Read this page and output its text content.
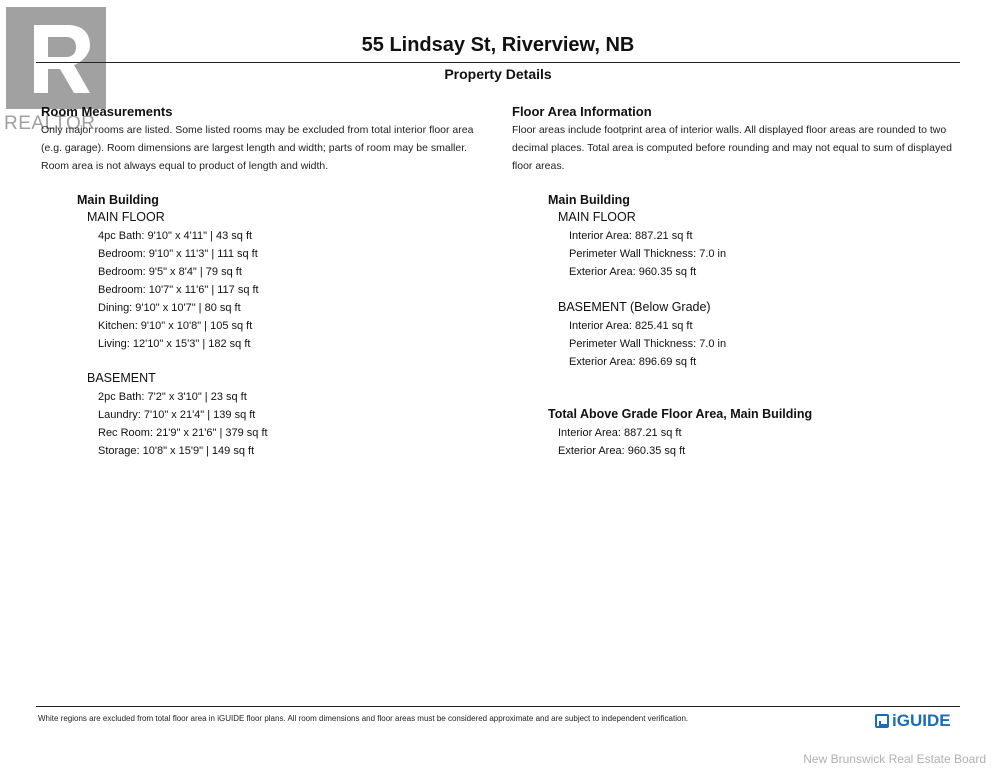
REALTOR
55 Lindsay St, Riverview, NB
Property Details
Room Measurements
Only major rooms are listed. Some listed rooms may be excluded from total interior floor area
(e.g. garage). Room dimensions are largest length and width; parts of room may be smaller.
Room area is not always equal to product of length and width.
Main Building
MAIN FLOOR
4pc Bath: 9'10" x 4'11" | 43 sq ft
Bedroom: 9'10" x 11'3" | 111 sq ft
Bedroom: 9'5" x 8'4" | 79 sq ft
Bedroom: 10'7" x 11'6" | 117 sq ft
Dining: 9'10" x 10'7" | 80 sq ft
Kitchen: 9'10" x 10'8" | 105 sq ft
Living: 12'10" x 15'3" | 182 sq ft
BASEMENT
2pc Bath: 7'2" x 3'10" | 23 sq ft
Laundry: 7'10" x 21'4" | 139 sq ft
Rec Room: 21'9" x 21'6" | 379 sq ft
Storage: 10'8" x 15'9" | 149 sq ft
Floor Area Information
Floor areas include footprint area of interior walls. All displayed floor areas are rounded to two
decimal places. Total area is computed before rounding and may not equal to sum of displayed
floor areas.
Main Building
MAIN FLOOR
Interior Area: 887.21 sq ft
Perimeter Wall Thickness: 7.0 in
Exterior Area: 960.35 sq ft
BASEMENT (Below Grade)
Interior Area: 825.41 sq ft
Perimeter Wall Thickness: 7.0 in
Exterior Area: 896.69 sq ft
Total Above Grade Floor Area, Main Building
Interior Area: 887.21 sq ft
Exterior Area: 960.35 sq ft
White regions are excluded from total floor area in iGUIDE floor plans. All room dimensions and floor areas must be considered approximate and are subject to independent verification.	iGUIDE
New Brunswick Real Estate Board
